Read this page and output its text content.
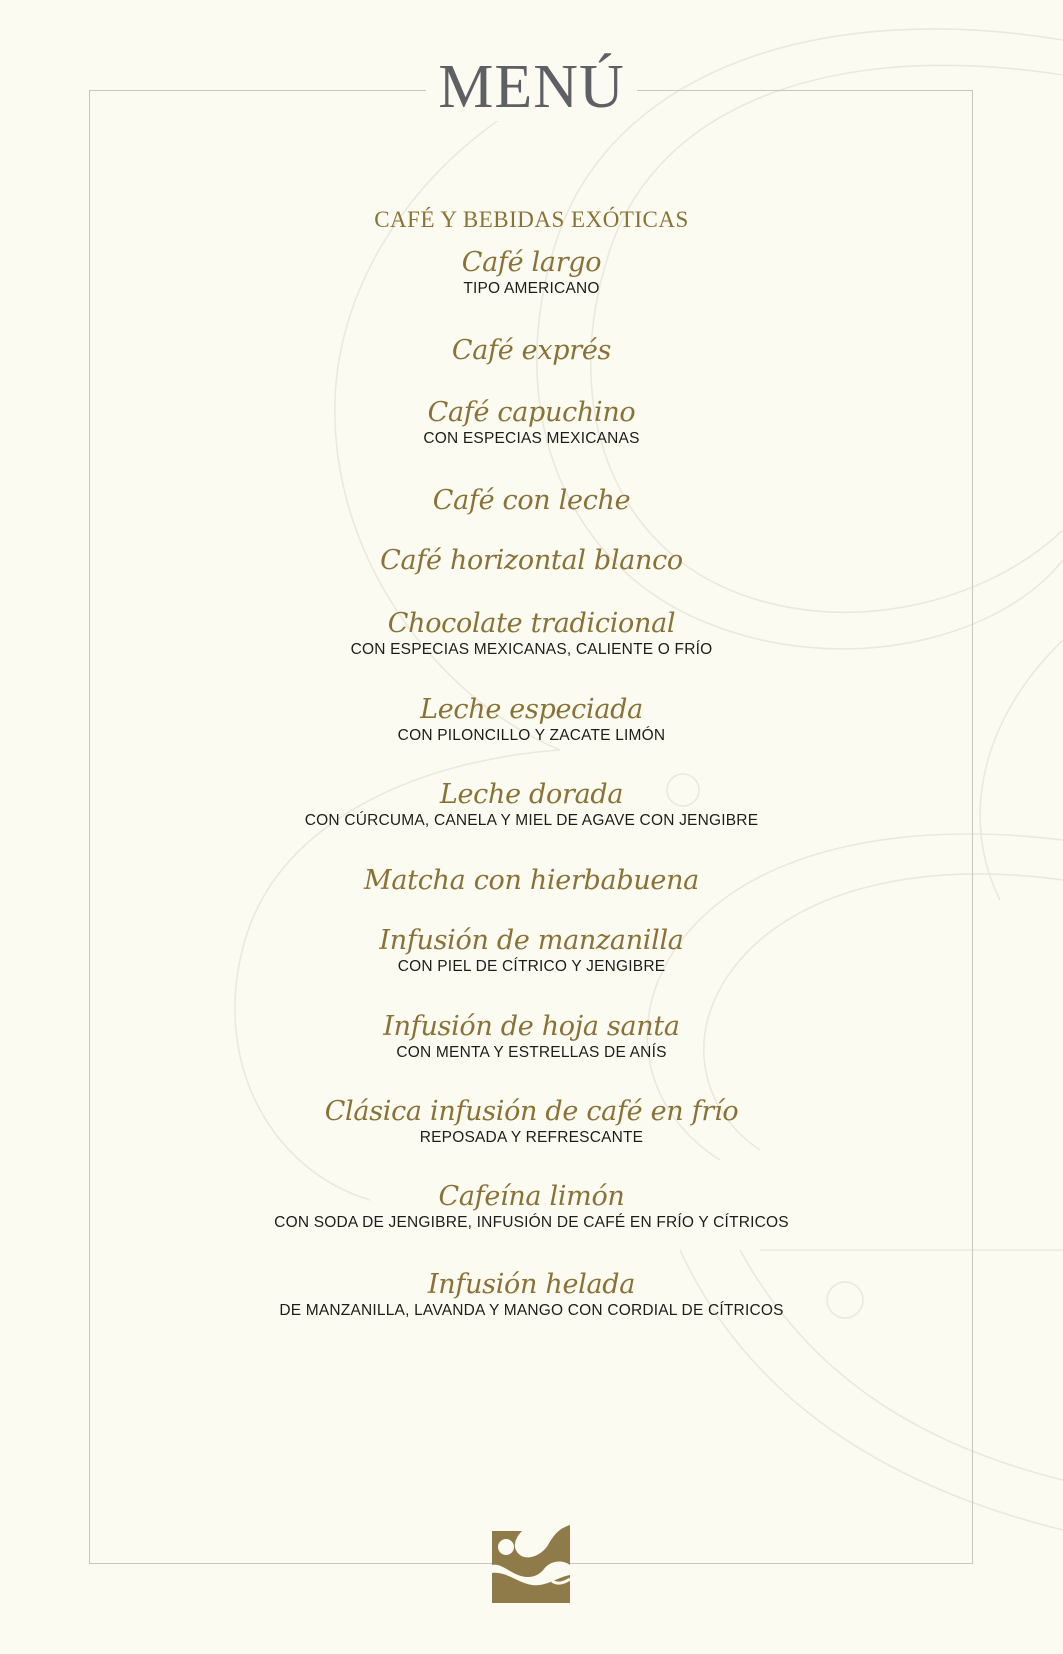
MENÚ
CAFÉ Y BEBIDAS EXÓTICAS
Café largo
TIPO AMERICANO
Café exprés
Café capuchino
CON ESPECIAS MEXICANAS
Café con leche
Café horizontal blanco
Chocolate tradicional
CON ESPECIAS MEXICANAS, CALIENTE O FRÍO
Leche especiada
CON PILONCILLO Y ZACATE LIMÓN
Leche dorada
CON CÚRCUMA, CANELA Y MIEL DE AGAVE CON JENGIBRE
Matcha con hierbabuena
Infusión de manzanilla
CON PIEL DE CÍTRICO Y JENGIBRE
Infusión de hoja santa
CON MENTA Y ESTRELLAS DE ANÍS
Clásica infusión de café en frío
REPOSADA Y REFRESCANTE
Cafeína limón
CON SODA DE JENGIBRE, INFUSIÓN DE CAFÉ EN FRÍO Y CÍTRICOS
Infusión helada
DE MANZANILLA, LAVANDA Y MANGO CON CORDIAL DE CÍTRICOS
